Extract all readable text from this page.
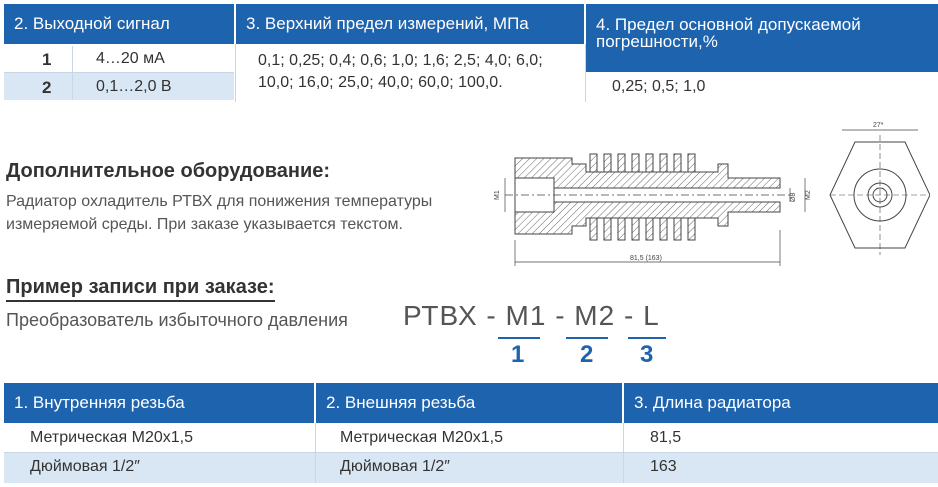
2. Выходной сигнал	3. Верхний предел измерений, МПа	4. Предел основной допускаемой погрешности,%
1	4…20 мА
2	0,1…2,0 В
0,1; 0,25; 0,4; 0,6; 1,0; 1,6; 2,5; 4,0; 6,0;
10,0; 16,0; 25,0; 40,0; 60,0; 100,0.	0,25; 0,5; 1,0
Дополнительное оборудование:
Радиатор охладитель РТВХ для понижения температуры
измеряемой среды. При заказе указывается текстом.
М1	Ø8 М2
81,5 (163)
27*
Пример записи при заказе:
Преобразователь избыточного давления РТВХ - М1 - М2 - L
1 2 3
1. Внутренняя резьба	2. Внешняя резьба	3. Длина радиатора
Метрическая М20х1,5	Метрическая М20х1,5	81,5
Дюймовая 1/2″	Дюймовая 1/2″	163
